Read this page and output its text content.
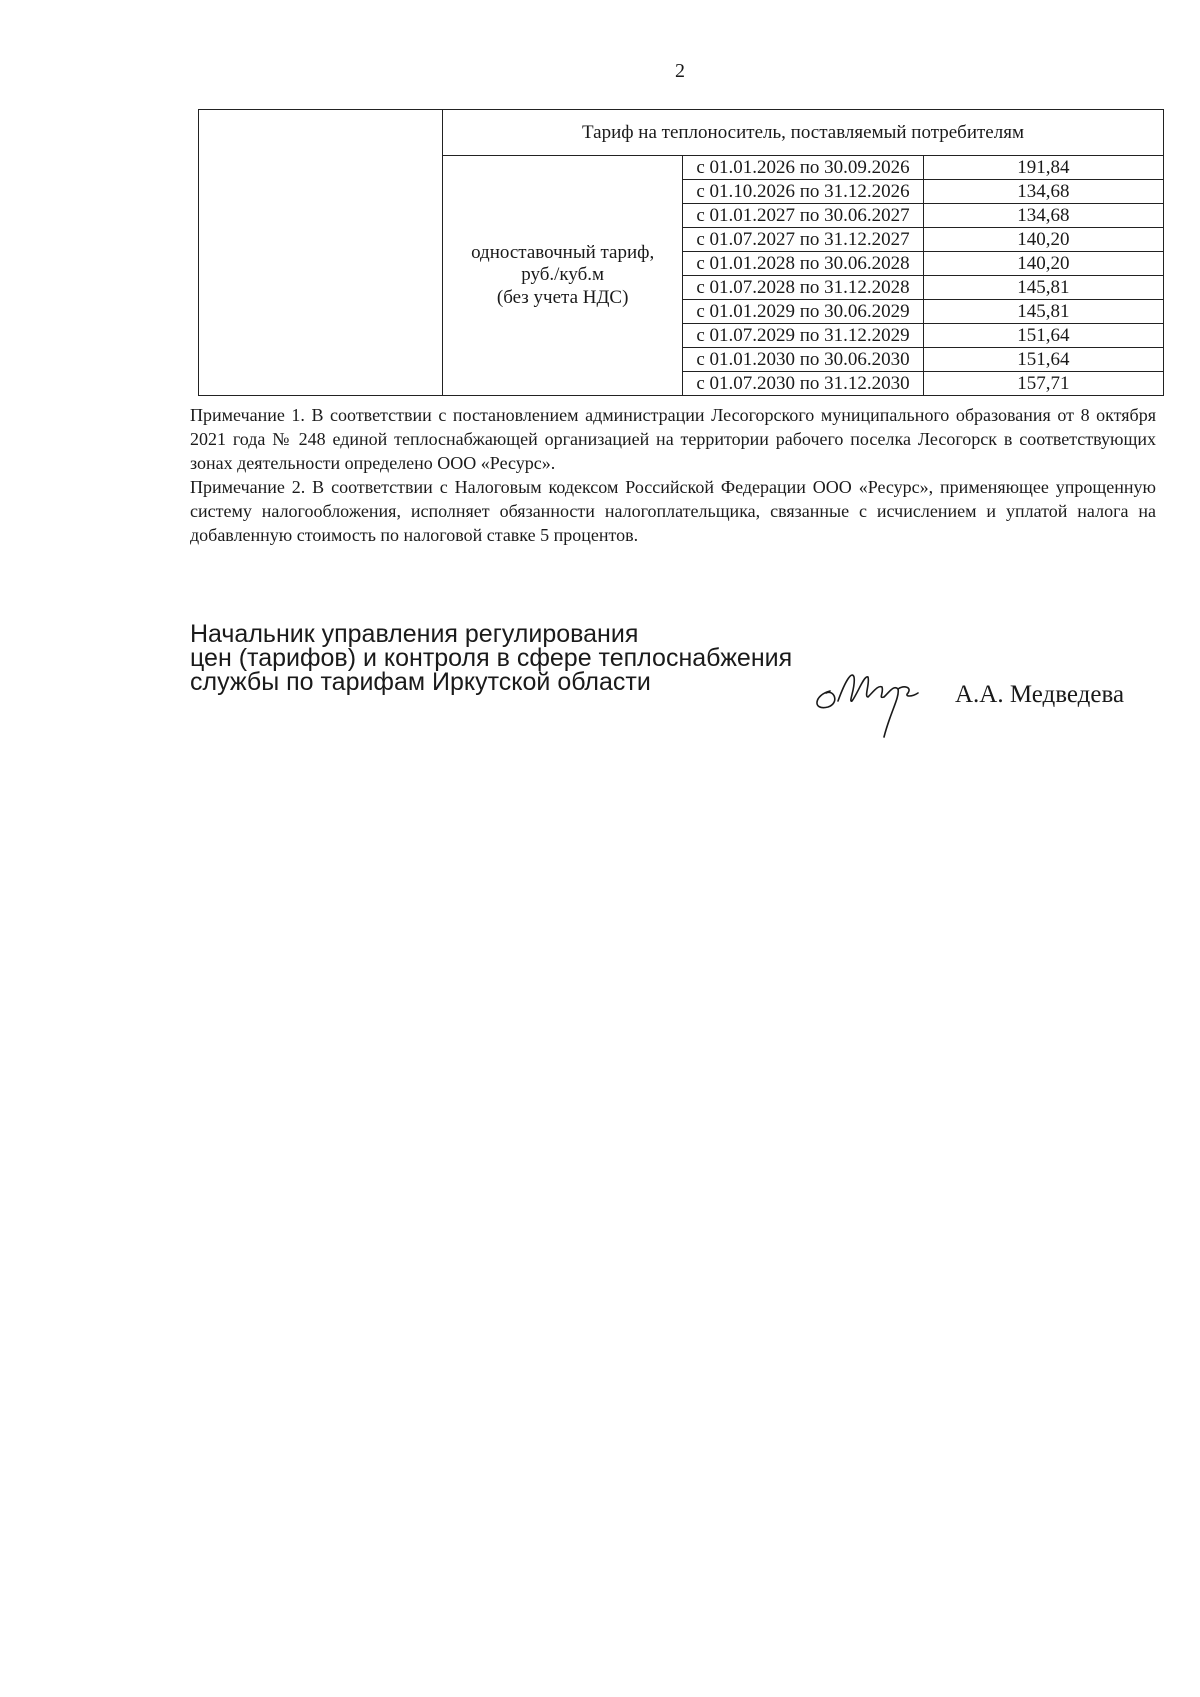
2
	Тариф на теплоноситель, поставляемый потребителям		
	одноставочный тариф,
руб./куб.м
(без учета НДС)	с 01.01.2026 по 30.09.2026	191,84
		с 01.10.2026 по 31.12.2026	134,68
		с 01.01.2027 по 30.06.2027	134,68
		с 01.07.2027 по 31.12.2027	140,20
		с 01.01.2028 по 30.06.2028	140,20
		с 01.07.2028 по 31.12.2028	145,81
		с 01.01.2029 по 30.06.2029	145,81
		с 01.07.2029 по 31.12.2029	151,64
		с 01.01.2030 по 30.06.2030	151,64
		с 01.07.2030 по 31.12.2030	157,71

Примечание 1. В соответствии с постановлением администрации Лесогорского муниципального образования от 8 октября 2021 года № 248 единой теплоснабжающей организацией на территории рабочего поселка Лесогорск в соответствующих зонах деятельности определено ООО «Ресурс».

Примечание 2. В соответствии с Налоговым кодексом Российской Федерации ООО «Ресурс», применяющее упрощенную систему налогообложения, исполняет обязанности налогоплательщика, связанные с исчислением и уплатой налога на добавленную стоимость по налоговой ставке 5 процентов.

Начальник управления регулирования
цен (тарифов) и контроля в сфере теплоснабжения
службы по тарифам Иркутской области	А.А. Медведева
